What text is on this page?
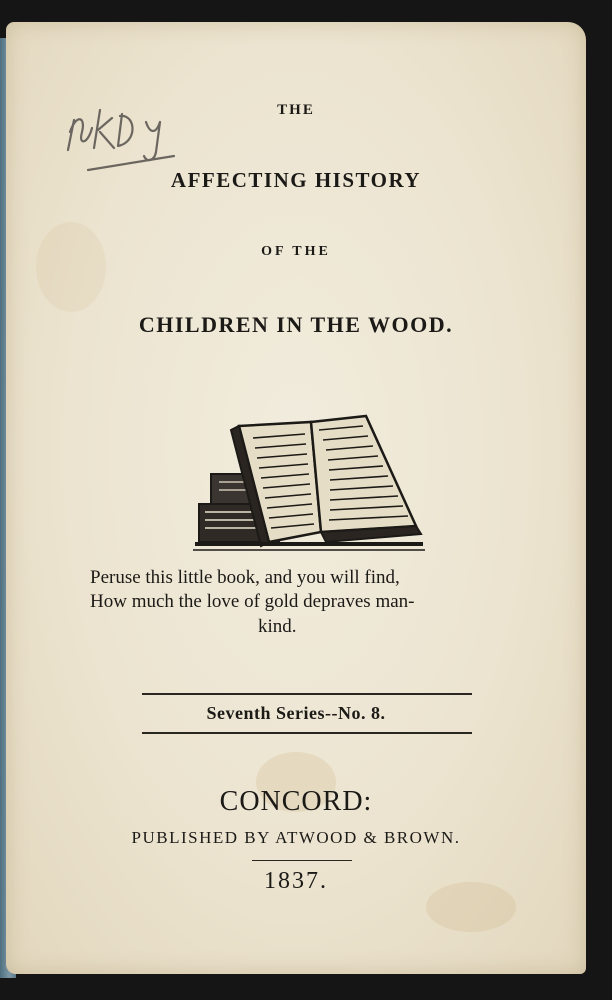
THE

AFFECTING HISTORY

OF THE

CHILDREN IN THE WOOD.

Peruse this little book, and you will find,

How much the love of gold depraves man-

kind.

Seventh Series--No. 8.

CONCORD:

PUBLISHED BY ATWOOD & BROWN.

1837.
